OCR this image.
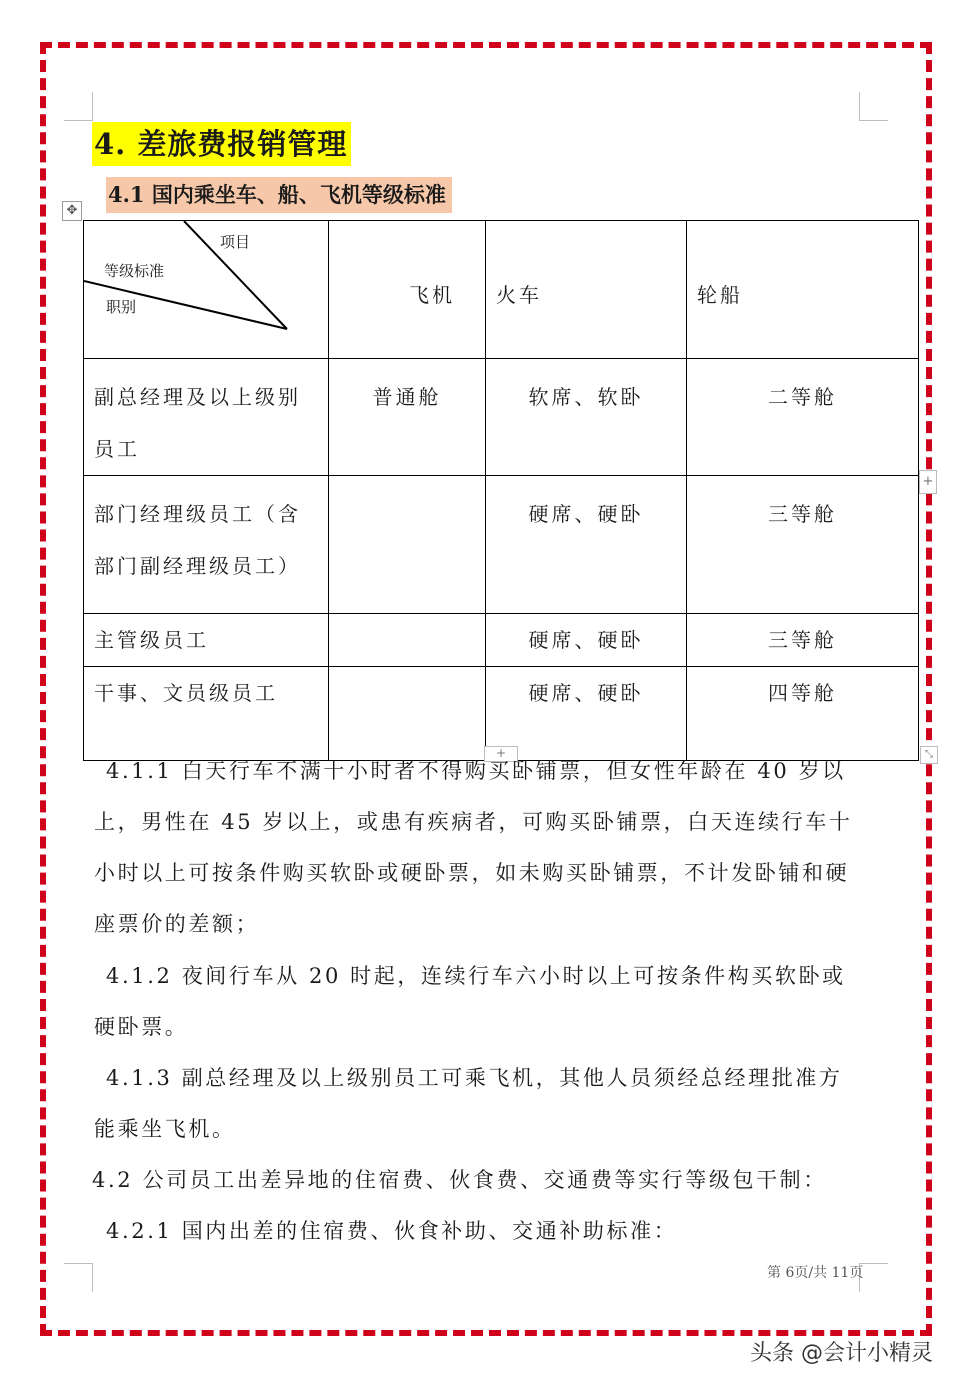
4. 差旅费报销管理
4.1 国内乘坐车、船、飞机等级标准
✥
项目
等级标准
职别	飞机	火车	轮船
副总经理及以上级别员工	普通舱	软席、软卧	二等舱
部门经理级员工（含部门副经理级员工）		硬席、硬卧	三等舱
主管级员工		硬席、硬卧	三等舱
干事、文员级员工		硬席、硬卧	四等舱
+
+	⤡
4.1.1 白天行车不满十小时者不得购买卧铺票，但女性年龄在 40 岁以上，男性在 45 岁以上，或患有疾病者，可购买卧铺票，白天连续行车十小时以上可按条件购买软卧或硬卧票，如未购买卧铺票，不计发卧铺和硬座票价的差额；
4.1.2 夜间行车从 20 时起，连续行车六小时以上可按条件构买软卧或硬卧票。
4.1.3 副总经理及以上级别员工可乘飞机，其他人员须经总经理批准方能乘坐飞机。
4.2 公司员工出差异地的住宿费、伙食费、交通费等实行等级包干制：
4.2.1 国内出差的住宿费、伙食补助、交通补助标准：
第 6页/共 11页
头条 @会计小精灵
